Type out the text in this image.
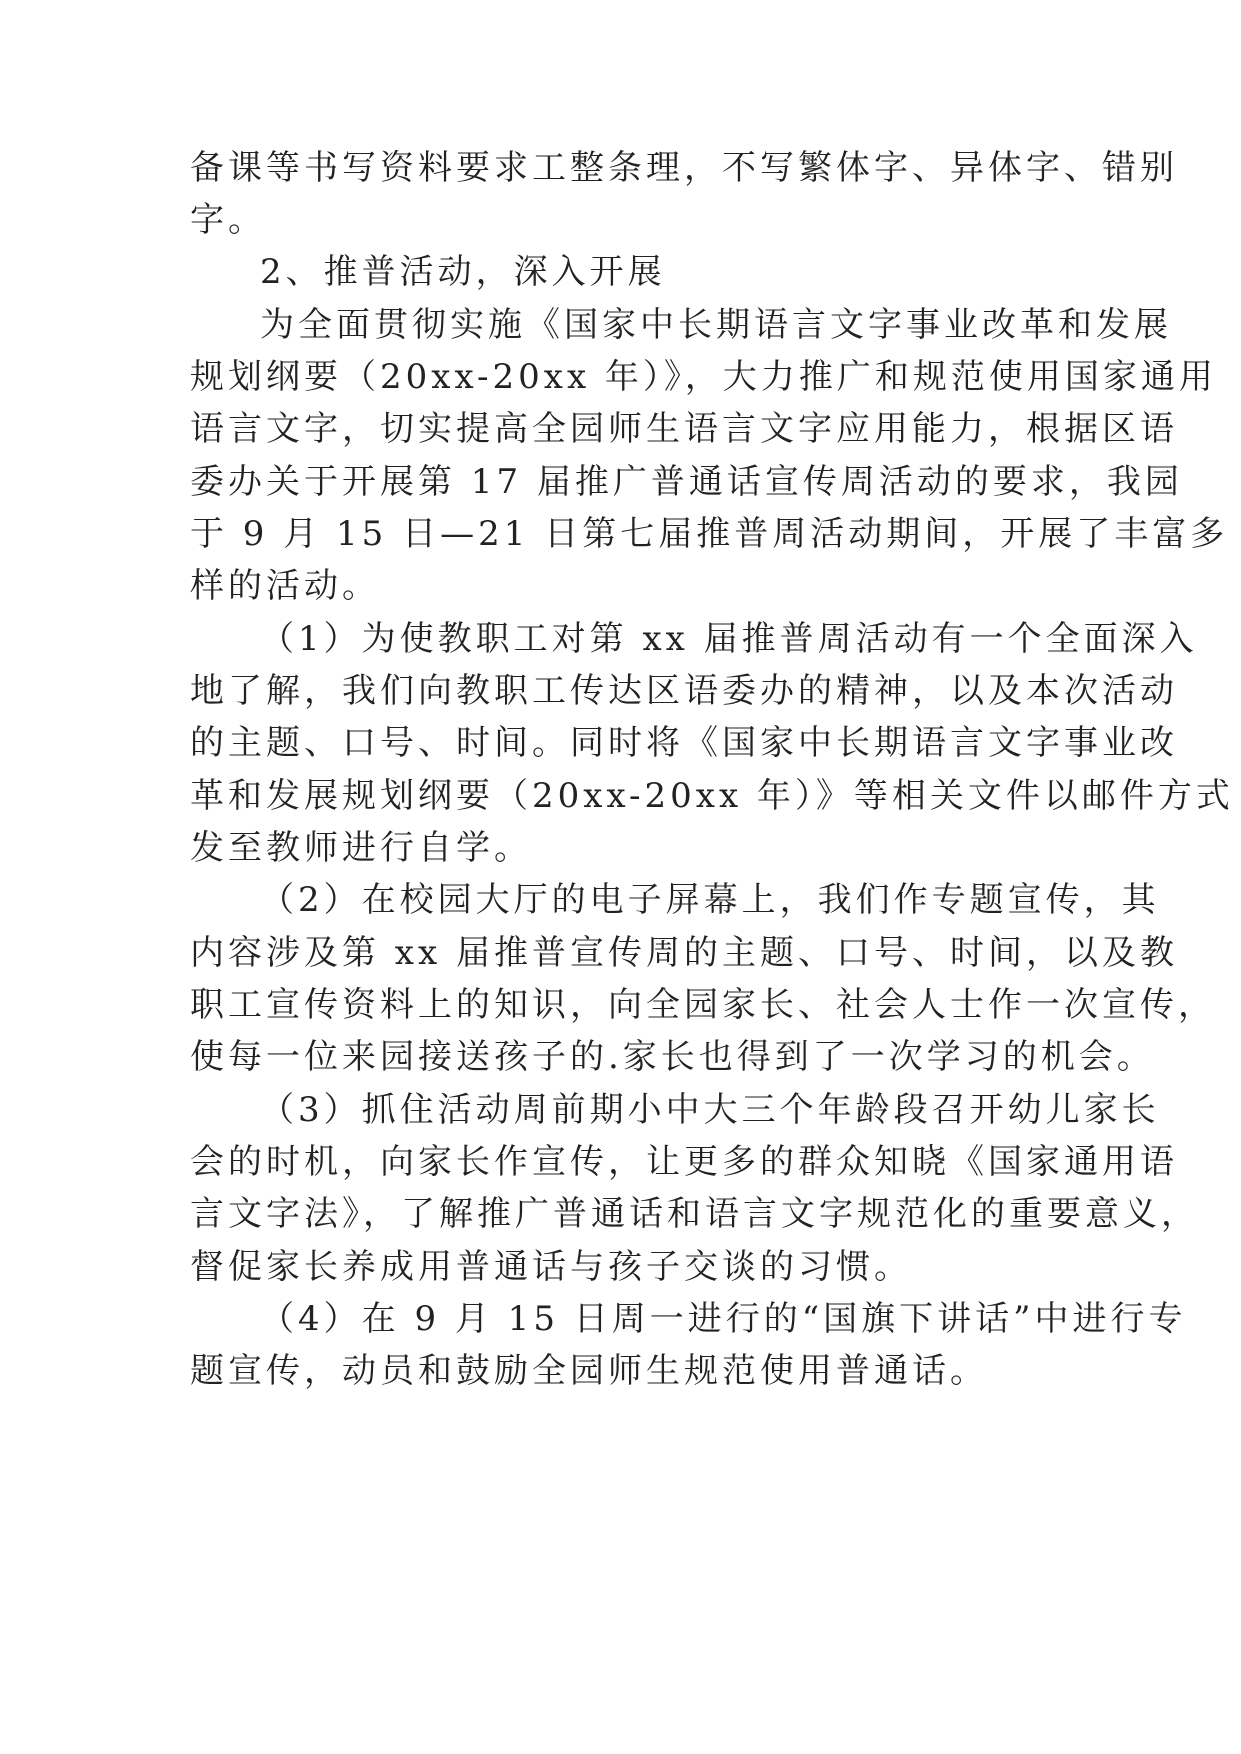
备课等书写资料要求工整条理，不写繁体字、异体字、错别
字。
2、推普活动，深入开展
为全面贯彻实施《国家中长期语言文字事业改革和发展
规划纲要（20xx-20xx 年）》，大力推广和规范使用国家通用
语言文字，切实提高全园师生语言文字应用能力，根据区语
委办关于开展第 17 届推广普通话宣传周活动的要求，我园
于 9 月 15 日—21 日第七届推普周活动期间，开展了丰富多
样的活动。
（1）为使教职工对第 xx 届推普周活动有一个全面深入
地了解，我们向教职工传达区语委办的精神，以及本次活动
的主题、口号、时间。同时将《国家中长期语言文字事业改
革和发展规划纲要（20xx-20xx 年）》等相关文件以邮件方式
发至教师进行自学。
（2）在校园大厅的电子屏幕上，我们作专题宣传，其
内容涉及第 xx 届推普宣传周的主题、口号、时间，以及教
职工宣传资料上的知识，向全园家长、社会人士作一次宣传，
使每一位来园接送孩子的.家长也得到了一次学习的机会。
（3）抓住活动周前期小中大三个年龄段召开幼儿家长
会的时机，向家长作宣传，让更多的群众知晓《国家通用语
言文字法》，了解推广普通话和语言文字规范化的重要意义，
督促家长养成用普通话与孩子交谈的习惯。
（4）在 9 月 15 日周一进行的“国旗下讲话”中进行专
题宣传，动员和鼓励全园师生规范使用普通话。
